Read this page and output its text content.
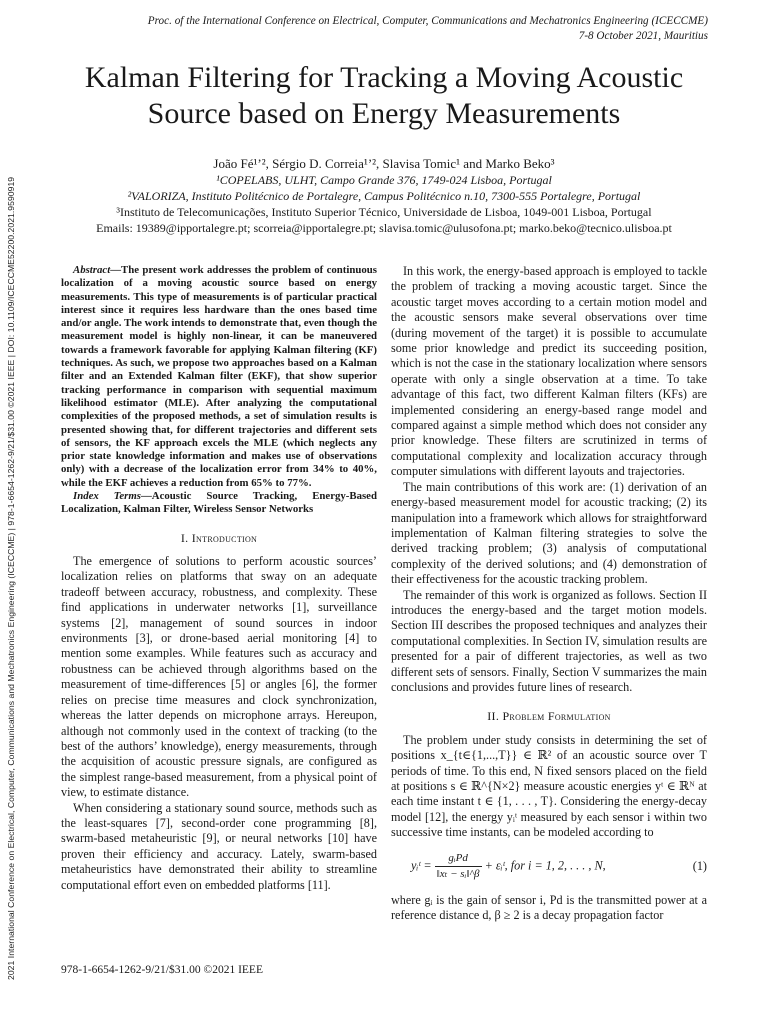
2021 International Conference on Electrical, Computer, Communications and Mechatronics Engineering (ICECCME) | 978-1-6654-1262-9/21/$31.00 ©2021 IEEE | DOI: 10.1109/ICECCME52200.2021.9590919
Proc. of the International Conference on Electrical, Computer, Communications and Mechatronics Engineering (ICECCME)
7-8 October 2021, Mauritius
Kalman Filtering for Tracking a Moving Acoustic
Source based on Energy Measurements
João Fé¹ʼ², Sérgio D. Correia¹ʼ², Slavisa Tomic¹ and Marko Beko³
¹COPELABS, ULHT, Campo Grande 376, 1749-024 Lisboa, Portugal
²VALORIZA, Instituto Politécnico de Portalegre, Campus Politécnico n.10, 7300-555 Portalegre, Portugal
³Instituto de Telecomunicações, Instituto Superior Técnico, Universidade de Lisboa, 1049-001 Lisboa, Portugal
Emails: 19389@ipportalegre.pt; scorreia@ipportalegre.pt; slavisa.tomic@ulusofona.pt; marko.beko@tecnico.ulisboa.pt

Abstract—The present work addresses the problem of continuous localization of a moving acoustic source based on energy measurements. This type of measurements is of particular practical interest since it requires less hardware than the ones based time and/or angle. The work intends to demonstrate that, even though the measurement model is highly non-linear, it can be maneuvered towards a framework favorable for applying Kalman filtering (KF) techniques. As such, we propose two approaches based on a Kalman filter and an Extended Kalman filter (EKF), that show superior tracking performance in comparison with sequential maximum likelihood estimator (MLE). After analyzing the computational complexities of the proposed methods, a set of simulation results is presented showing that, for different trajectories and different sets of sensors, the KF approach excels the MLE (which neglects any prior state knowledge information and makes use of observations only) with a decrease of the localization error from 34% to 40%, while the EKF achieves a reduction from 65% to 77%.

Index Terms—Acoustic Source Tracking, Energy-Based Localization, Kalman Filter, Wireless Sensor Networks

I. Introduction

The emergence of solutions to perform acoustic sources’ localization relies on platforms that sway on an adequate tradeoff between accuracy, robustness, and complexity. These find applications in underwater networks [1], surveillance systems [2], management of sound sources in indoor environments [3], or drone-based aerial monitoring [4] to mention some examples. While features such as accuracy and robustness can be achieved through algorithms based on the measurement of time-differences [5] or angles [6], the former relies on precise time measures and clock synchronization, whereas the latter depends on microphone arrays. Hereupon, although not commonly used in the context of tracking (to the best of the authors’ knowledge), energy measurements, through the acquisition of acoustic pressure signals, are configured as the simplest range-based measurement, from a physical point of view, to estimate distance.

When considering a stationary sound source, methods such as the least-squares [7], second-order cone programming [8], swarm-based metaheuristic [9], or neural networks [10] have proven their efficiency and accuracy. Lately, swarm-based metaheuristics have demonstrated their ability to streamline computational effort even on embedded platforms [11].

In this work, the energy-based approach is employed to tackle the problem of tracking a moving acoustic target. Since the acoustic target moves according to a certain motion model and the acoustic sensors make several observations over time (during movement of the target) it is possible to accumulate some prior knowledge and predict its succeeding position, which is not the case in the stationary localization where sensors operate with only a single observation at a time. To take advantage of this fact, two different Kalman filters (KFs) are implemented considering an energy-based range model and compared against a simple method which does not consider any prior knowledge. These filters are scrutinized in terms of computational complexity and localization accuracy through computer simulations with different layouts and trajectories.

The main contributions of this work are: (1) derivation of an energy-based measurement model for acoustic tracking; (2) its manipulation into a framework which allows for straightforward implementation of Kalman filtering strategies to solve the derived tracking problem; (3) analysis of computational complexity of the derived solutions; and (4) demonstration of their effectiveness for the acoustic tracking problem.

The remainder of this work is organized as follows. Section II introduces the energy-based and the target motion models. Section III describes the proposed techniques and analyzes their computational complexities. In Section IV, simulation results are presented for a pair of different trajectories, as well as two different sets of sensors. Finally, Section V summarizes the main conclusions and provides future lines of research.

II. Problem Formulation

The problem under study consists in determining the set of positions x_{t∈{1,...,T}} ∈ ℝ² of an acoustic source over T periods of time. To this end, N fixed sensors placed on the field at positions s ∈ ℝ^{N×2} measure acoustic energies yᵗ ∈ ℝᴺ at each time instant t ∈ {1, . . . , T}. Considering the energy-decay model [12], the energy yᵢᵗ measured by each sensor i within two successive time instants, can be modeled according to

yᵢᵗ = $\frac{\text{gᵢPd}}{\text{‖xₜ − sᵢ‖\textasciicircum{}β}}$ + εᵢᵗ, for i = 1, 2, . . . , N,	(1)

where gᵢ is the gain of sensor i, Pd is the transmitted power at a reference distance d, β ≥ 2 is a decay propagation factor

978-1-6654-1262-9/21/$31.00 ©2021 IEEE
